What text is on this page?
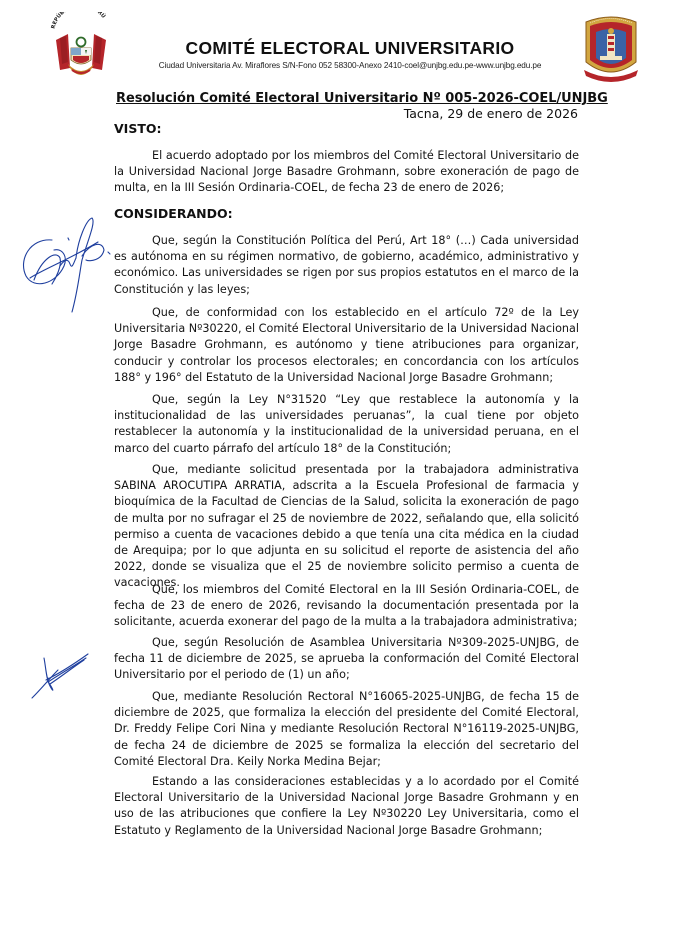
REPÚB RÚ
COMITÉ ELECTORAL UNIVERSITARIO
Ciudad Universitaria Av. Miraflores S/N-Fono 052 58300-Anexo 2410-coel@unjbg.edu.pe-www.unjbg.edu.pe
Resolución Comité Electoral Universitario Nº 005-2026-COEL/UNJBG
Tacna, 29 de enero de 2026
VISTO:
El acuerdo adoptado por los miembros del Comité Electoral Universitario de la Universidad Nacional Jorge Basadre Grohmann, sobre exoneración de pago de multa, en la III Sesión Ordinaria-COEL, de fecha 23 de enero de 2026;
CONSIDERANDO:
Que, según la Constitución Política del Perú, Art 18° (…) Cada universidad es autónoma en su régimen normativo, de gobierno, académico, administrativo y económico. Las universidades se rigen por sus propios estatutos en el marco de la Constitución y las leyes;
Que, de conformidad con los establecido en el artículo 72º de la Ley Universitaria Nº30220, el Comité Electoral Universitario de la Universidad Nacional Jorge Basadre Grohmann, es autónomo y tiene atribuciones para organizar, conducir y controlar los procesos electorales; en concordancia con los artículos 188° y 196° del Estatuto de la Universidad Nacional Jorge Basadre Grohmann;
Que, según la Ley N°31520 “Ley que restablece la autonomía y la institucionalidad de las universidades peruanas”, la cual tiene por objeto restablecer la autonomía y la institucionalidad de la universidad peruana, en el marco del cuarto párrafo del artículo 18° de la Constitución;
Que, mediante solicitud presentada por la trabajadora administrativa SABINA AROCUTIPA ARRATIA, adscrita a la Escuela Profesional de farmacia y bioquímica de la Facultad de Ciencias de la Salud, solicita la exoneración de pago de multa por no sufragar el 25 de noviembre de 2022, señalando que, ella solicitó permiso a cuenta de vacaciones debido a que tenía una cita médica en la ciudad de Arequipa; por lo que adjunta en su solicitud el reporte de asistencia del año 2022, donde se visualiza que el 25 de noviembre solicito permiso a cuenta de vacaciones.
Que, los miembros del Comité Electoral en la III Sesión Ordinaria-COEL, de fecha de 23 de enero de 2026, revisando la documentación presentada por la solicitante, acuerda exonerar del pago de la multa a la trabajadora administrativa;
Que, según Resolución de Asamblea Universitaria Nº309-2025-UNJBG, de fecha 11 de diciembre de 2025, se aprueba la conformación del Comité Electoral Universitario por el periodo de (1) un año;
Que, mediante Resolución Rectoral N°16065-2025-UNJBG, de fecha 15 de diciembre de 2025, que formaliza la elección del presidente del Comité Electoral, Dr. Freddy Felipe Cori Nina y mediante Resolución Rectoral N°16119-2025-UNJBG, de fecha 24 de diciembre de 2025 se formaliza la elección del secretario del Comité Electoral Dra. Keily Norka Medina Bejar;
Estando a las consideraciones establecidas y a lo acordado por el Comité Electoral Universitario de la Universidad Nacional Jorge Basadre Grohmann y en uso de las atribuciones que confiere la Ley Nº30220 Ley Universitaria, como el Estatuto y Reglamento de la Universidad Nacional Jorge Basadre Grohmann;
